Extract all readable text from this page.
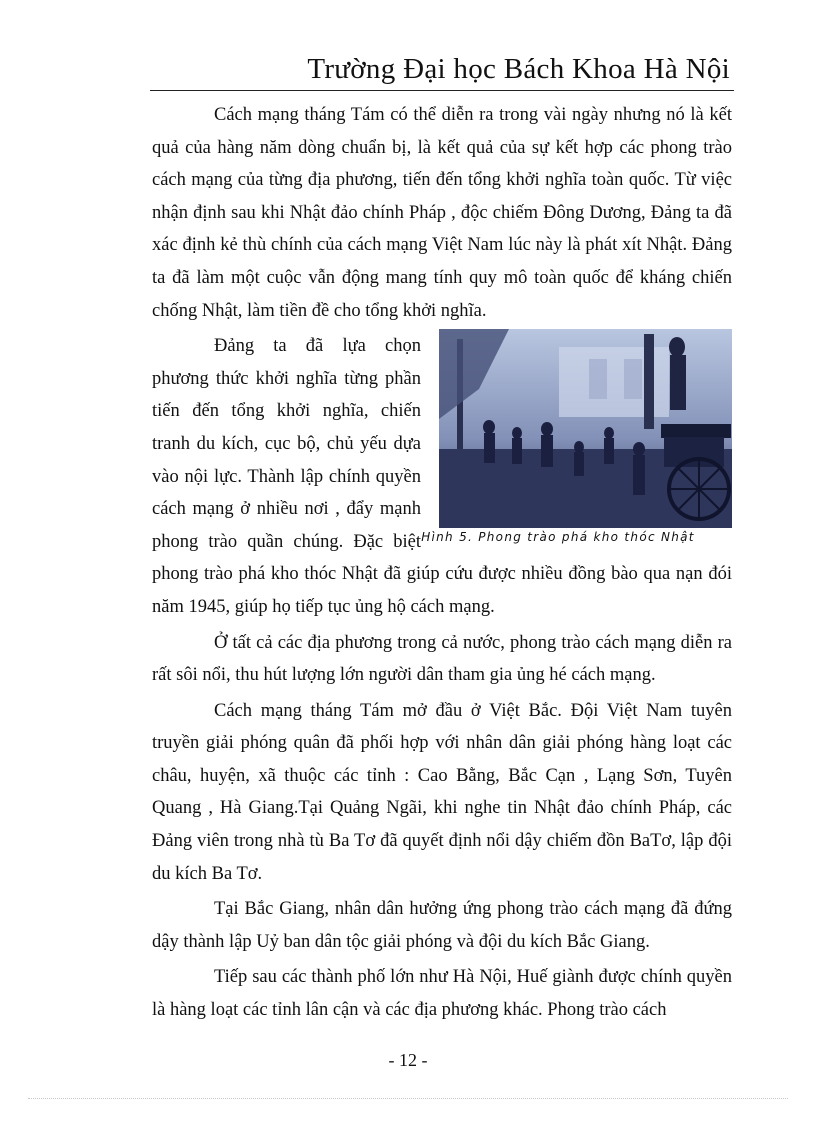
Trường Đại học Bách Khoa Hà Nội

Cách mạng tháng Tám có thể diễn ra trong vài ngày nhưng nó là kết quả của hàng năm dòng chuẩn bị, là kết quả của sự kết hợp các phong trào cách mạng của từng địa phương, tiến đến tổng khởi nghĩa toàn quốc. Từ việc nhận định sau khi Nhật đảo chính Pháp , độc chiếm Đông Dương, Đảng ta đã xác định kẻ thù chính của cách mạng Việt Nam lúc này là phát xít Nhật. Đảng ta đã làm một cuộc vẫn động mang tính quy mô toàn quốc để kháng chiến chống Nhật, làm tiền đề cho tổng khởi nghĩa.

Hình 5. Phong trào phá kho thóc Nhật

Đảng ta đã lựa chọn phương thức khởi nghĩa từng phần tiến đến tổng khởi nghĩa, chiến tranh du kích, cục bộ, chủ yếu dựa vào nội lực. Thành lập chính quyền cách mạng ở nhiều nơi , đẩy mạnh phong trào quần chúng. Đặc biệt phong trào phá kho thóc Nhật đã giúp cứu được nhiều đồng bào qua nạn đói năm 1945, giúp họ tiếp tục ủng hộ cách mạng.

Ở tất cả các địa phương trong cả nước, phong trào cách mạng diễn ra rất sôi nổi, thu hút lượng lớn người dân tham gia ủng hé cách mạng.

Cách mạng tháng Tám mở đầu ở Việt Bắc. Đội Việt Nam tuyên truyền giải phóng quân đã phối hợp với nhân dân giải phóng hàng loạt các châu, huyện, xã thuộc các tỉnh : Cao Bằng, Bắc Cạn , Lạng Sơn, Tuyên Quang , Hà Giang.Tại Quảng Ngãi, khi nghe tin Nhật đảo chính Pháp, các Đảng viên trong nhà tù Ba Tơ đã quyết định nổi dậy chiếm đồn BaTơ, lập đội du kích Ba Tơ.

Tại Bắc Giang, nhân dân hưởng ứng phong trào cách mạng đã đứng dậy thành lập Uỷ ban dân tộc giải phóng và đội du kích Bắc Giang.

Tiếp sau các thành phố lớn như Hà Nội, Huế giành được chính quyền là hàng loạt các tỉnh lân cận và các địa phương khác. Phong trào cách

- 12 -
